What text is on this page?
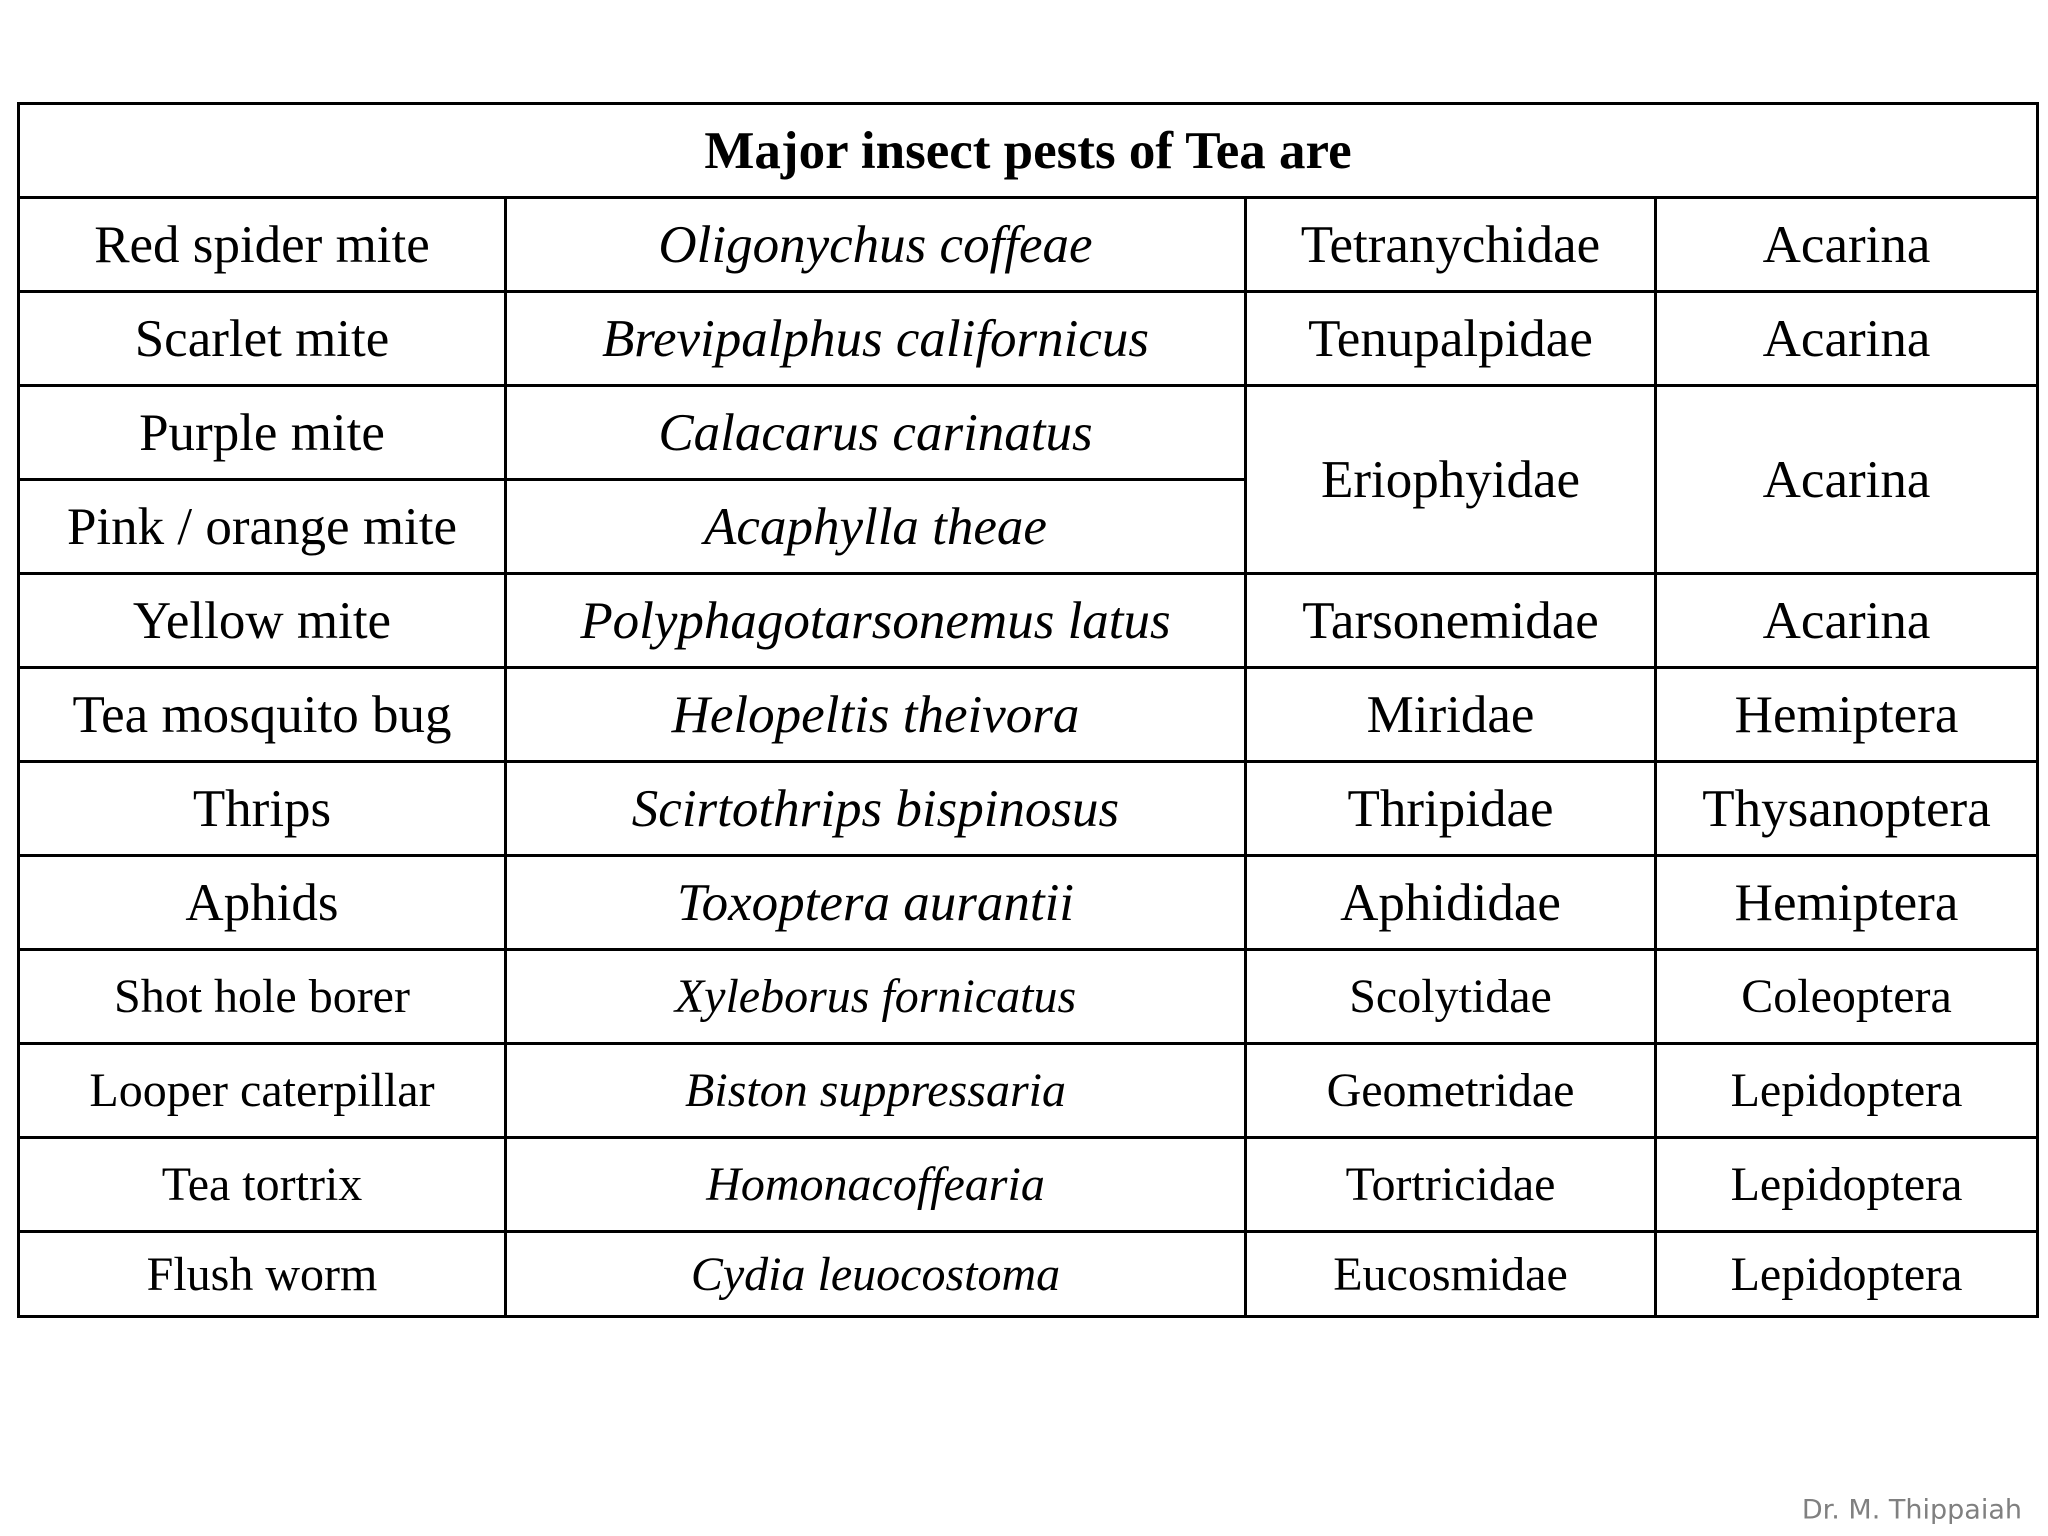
Major insect pests of Tea are			
Red spider mite	Oligonychus coffeae	Tetranychidae	Acarina
Scarlet mite	Brevipalphus californicus	Tenupalpidae	Acarina
Purple mite	Calacarus carinatus	Eriophyidae	Acarina
Pink / orange mite	Acaphylla theae		
Yellow mite	Polyphagotarsonemus latus	Tarsonemidae	Acarina
Tea mosquito bug	Helopeltis theivora	Miridae	Hemiptera
Thrips	Scirtothrips bispinosus	Thripidae	Thysanoptera
Aphids	Toxoptera aurantii	Aphididae	Hemiptera
Shot hole borer	Xyleborus fornicatus	Scolytidae	Coleoptera
Looper caterpillar	Biston suppressaria	Geometridae	Lepidoptera
Tea tortrix	Homonacoffearia	Tortricidae	Lepidoptera
Flush worm	Cydia leuocostoma	Eucosmidae	Lepidoptera
Dr. M. Thippaiah
